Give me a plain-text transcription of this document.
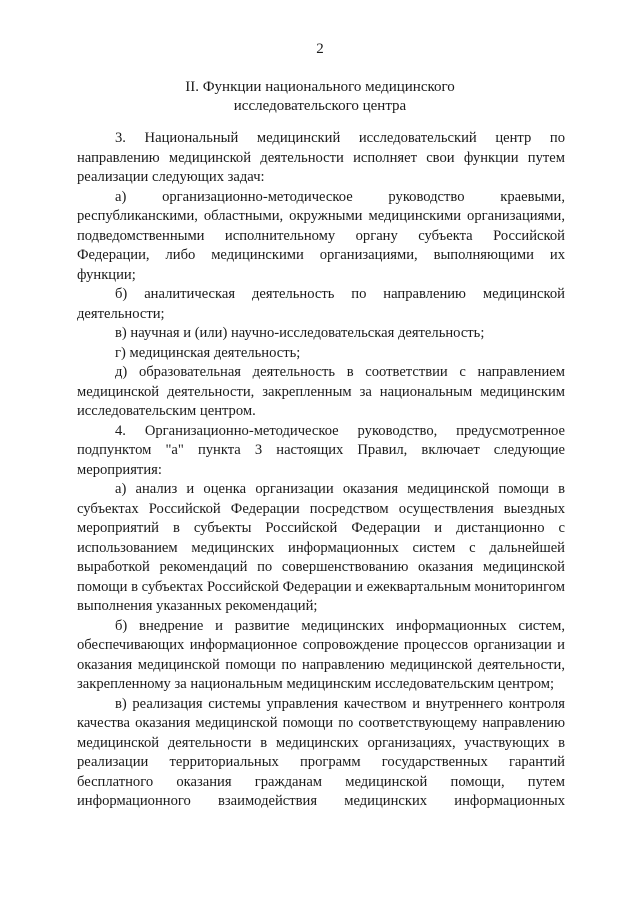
2
II. Функции национального медицинского
исследовательского центра

3. Национальный медицинский исследовательский центр по направлению медицинской деятельности исполняет свои функции путем реализации следующих задач:

а) организационно-методическое руководство краевыми, республиканскими, областными, окружными медицинскими организациями, подведомственными исполнительному органу субъекта Российской Федерации, либо медицинскими организациями, выполняющими их функции;

б) аналитическая деятельность по направлению медицинской деятельности;

в) научная и (или) научно-исследовательская деятельность;

г) медицинская деятельность;

д) образовательная деятельность в соответствии с направлением медицинской деятельности, закрепленным за национальным медицинским исследовательским центром.

4. Организационно-методическое руководство, предусмотренное подпунктом "а" пункта 3 настоящих Правил, включает следующие мероприятия:

а) анализ и оценка организации оказания медицинской помощи в субъектах Российской Федерации посредством осуществления выездных мероприятий в субъекты Российской Федерации и дистанционно с использованием медицинских информационных систем с дальнейшей выработкой рекомендаций по совершенствованию оказания медицинской помощи в субъектах Российской Федерации и ежеквартальным мониторингом выполнения указанных рекомендаций;

б) внедрение и развитие медицинских информационных систем, обеспечивающих информационное сопровождение процессов организации и оказания медицинской помощи по направлению медицинской деятельности, закрепленному за национальным медицинским исследовательским центром;

в) реализация системы управления качеством и внутреннего контроля качества оказания медицинской помощи по соответствующему направлению медицинской деятельности в медицинских организациях, участвующих в реализации территориальных программ государственных гарантий бесплатного оказания гражданам медицинской помощи, путем информационного взаимодействия медицинских информационных
